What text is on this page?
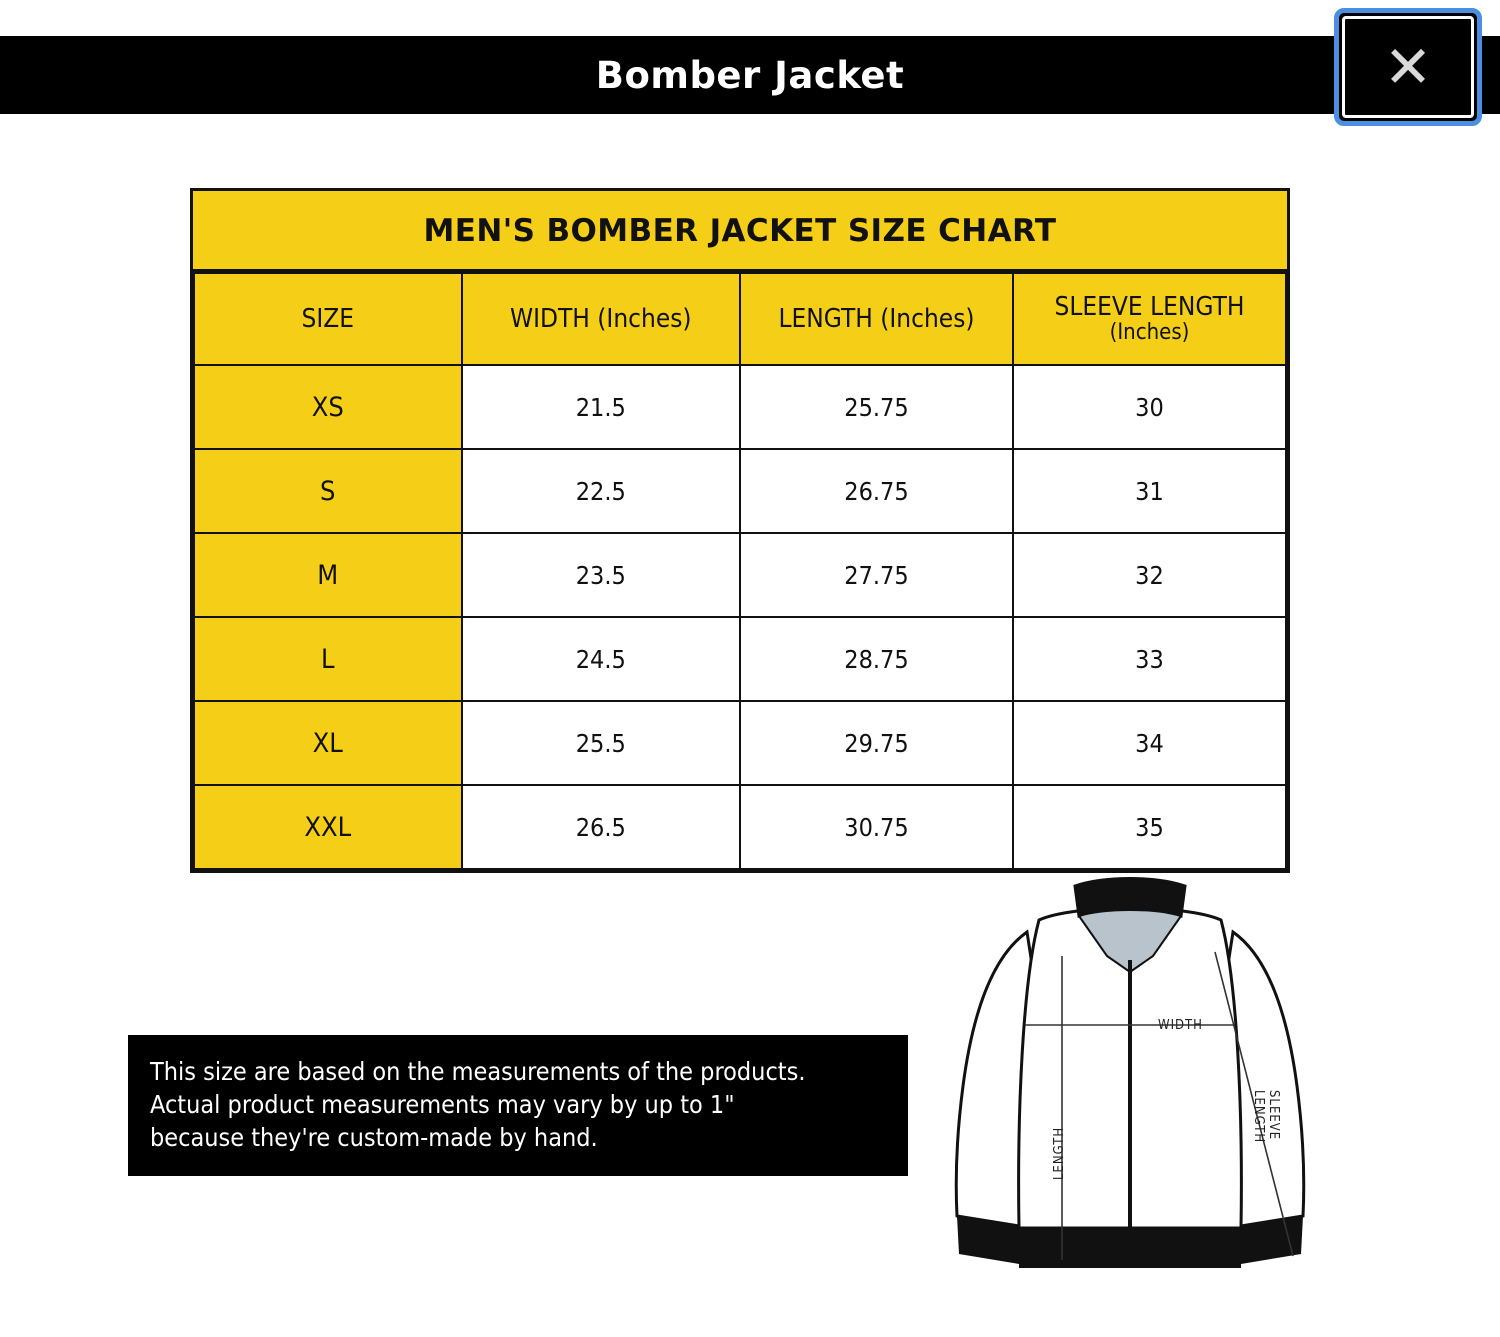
Bomber Jacket	✕
MEN'S BOMBER JACKET SIZE CHART
SIZE	WIDTH (Inches)	LENGTH (Inches)	SLEEVE LENGTH
(Inches)

XS	21.5	25.75	30
S	22.5	26.75	31
M	23.5	27.75	32
L	24.5	28.75	33
XL	25.5	29.75	34
XXL	26.5	30.75	35

This size are based on the measurements of the products.

Actual product measurements may vary by up to 1"

because they're custom-made by hand.

WIDTH
LENGTH
SLEEVE LENGTH
